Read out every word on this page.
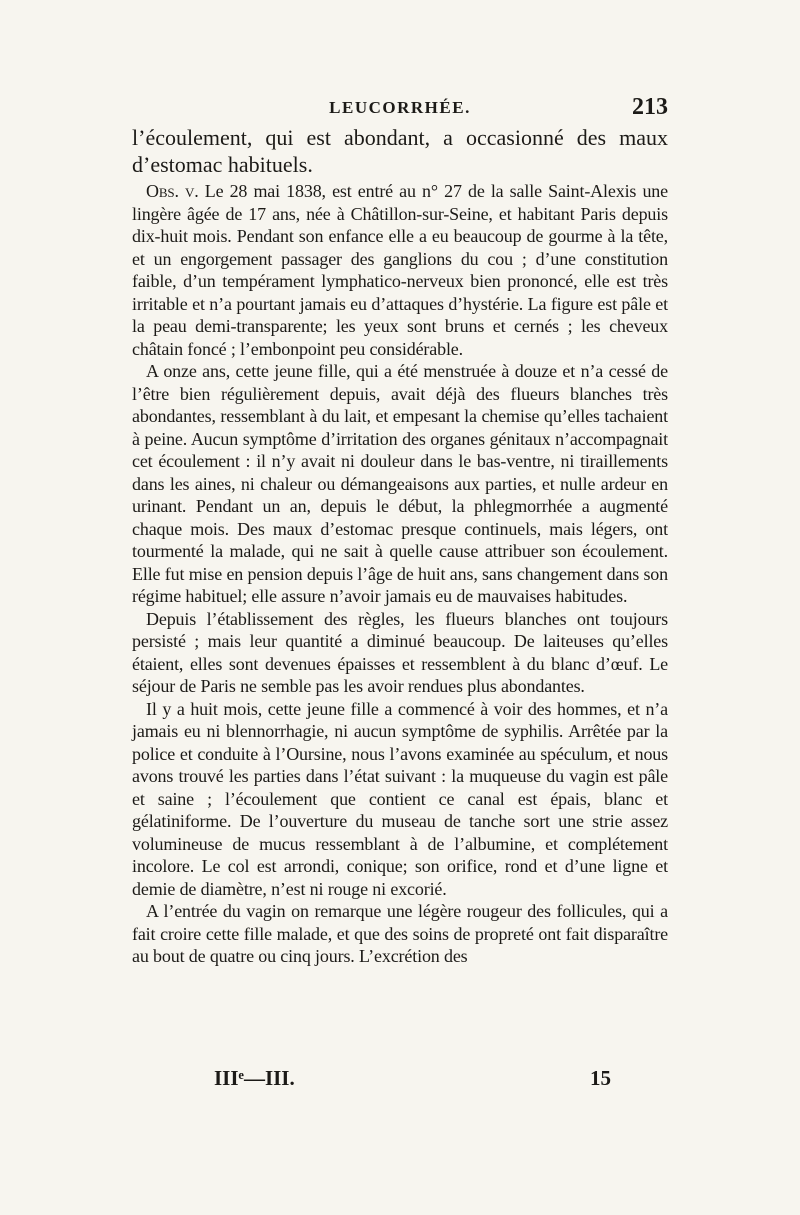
LEUCORRHÉE.	213

l’écoulement, qui est abondant, a occasionné des maux d’estomac habituels.

Obs. v. Le 28 mai 1838, est entré au n° 27 de la salle Saint-Alexis une lingère âgée de 17 ans, née à Châtillon-sur-Seine, et habitant Paris depuis dix-huit mois. Pendant son enfance elle a eu beaucoup de gourme à la tête, et un engorgement passager des ganglions du cou ; d’une constitution faible, d’un tempérament lymphatico-nerveux bien prononcé, elle est très irritable et n’a pourtant jamais eu d’attaques d’hystérie. La figure est pâle et la peau demi-transparente; les yeux sont bruns et cernés ; les cheveux châtain foncé ; l’embonpoint peu considérable.

A onze ans, cette jeune fille, qui a été menstruée à douze et n’a cessé de l’être bien régulièrement depuis, avait déjà des flueurs blanches très abondantes, ressemblant à du lait, et empesant la chemise qu’elles tachaient à peine. Aucun symptôme d’irritation des organes génitaux n’accompagnait cet écoulement : il n’y avait ni douleur dans le bas-ventre, ni tiraillements dans les aines, ni chaleur ou démangeaisons aux parties, et nulle ardeur en urinant. Pendant un an, depuis le début, la phlegmorrhée a augmenté chaque mois. Des maux d’estomac presque continuels, mais légers, ont tourmenté la malade, qui ne sait à quelle cause attribuer son écoulement. Elle fut mise en pension depuis l’âge de huit ans, sans changement dans son régime habituel; elle assure n’avoir jamais eu de mauvaises habitudes.

Depuis l’établissement des règles, les flueurs blanches ont toujours persisté ; mais leur quantité a diminué beaucoup. De laiteuses qu’elles étaient, elles sont devenues épaisses et ressemblent à du blanc d’œuf. Le séjour de Paris ne semble pas les avoir rendues plus abondantes.

Il y a huit mois, cette jeune fille a commencé à voir des hommes, et n’a jamais eu ni blennorrhagie, ni aucun symptôme de syphilis. Arrêtée par la police et conduite à l’Oursine, nous l’avons examinée au spéculum, et nous avons trouvé les parties dans l’état suivant : la muqueuse du vagin est pâle et saine ; l’écoulement que contient ce canal est épais, blanc et gélatiniforme. De l’ouverture du museau de tanche sort une strie assez volumineuse de mucus ressemblant à de l’albumine, et complétement incolore. Le col est arrondi, conique; son orifice, rond et d’une ligne et demie de diamètre, n’est ni rouge ni excorié.

A l’entrée du vagin on remarque une légère rougeur des follicules, qui a fait croire cette fille malade, et que des soins de propreté ont fait disparaître au bout de quatre ou cinq jours. L’excrétion des

IIIᵉ—III.	15
